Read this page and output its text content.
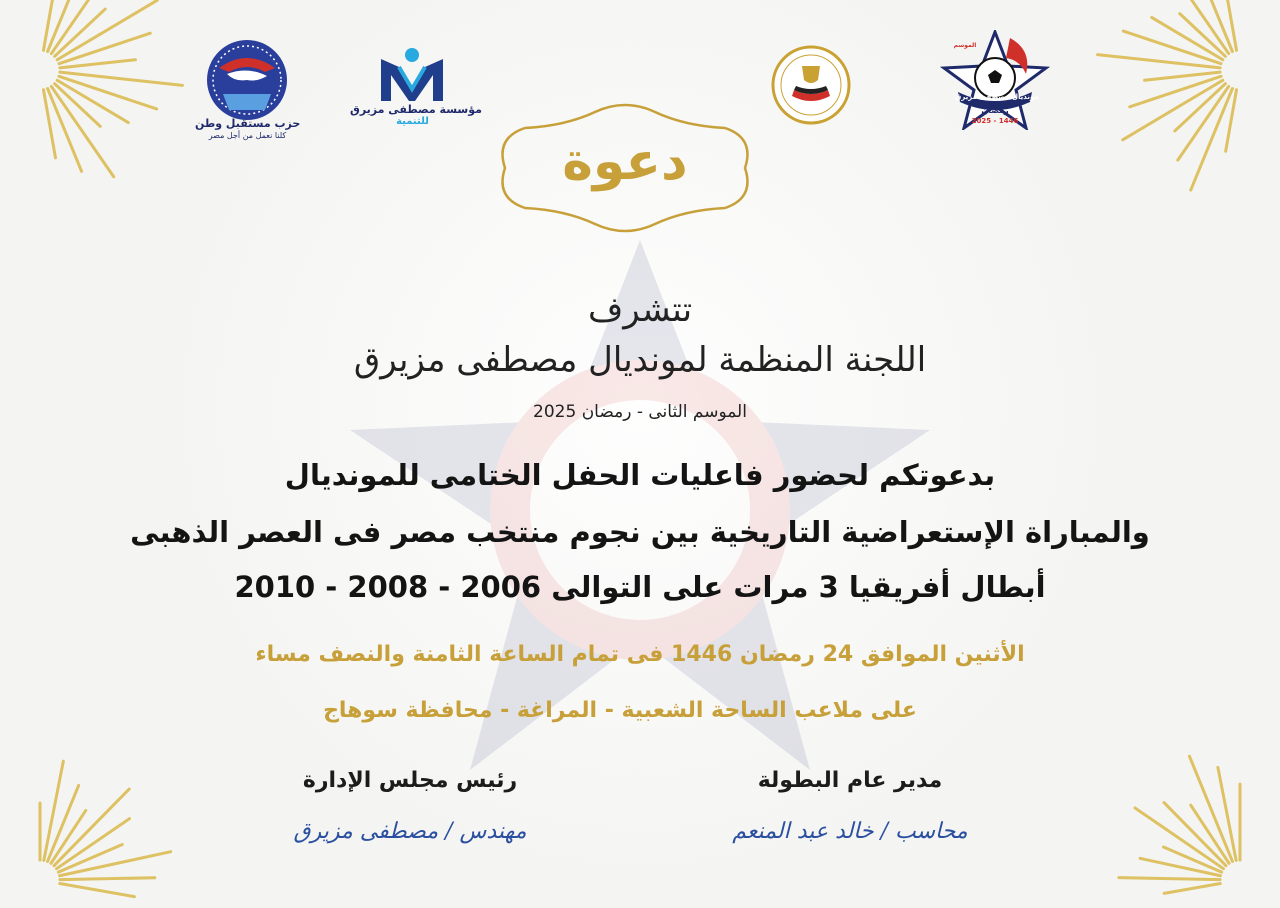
حزب مستقبل وطن
كلنا نعمل من أجل مصر
مؤسسة مصطفى مزيرق
للتنمية
الموسم
مونديال مصطفى مزيرق
رمضان
2025 - 1446
دعوة
تتشرف
اللجنة المنظمة لمونديال مصطفى مزيرق
الموسم الثانى - رمضان 2025
بدعوتكم لحضور فاعليات الحفل الختامى للمونديال
والمباراة الإستعراضية التاريخية بين نجوم منتخب مصر فى العصر الذهبى
أبطال أفريقيا 3 مرات على التوالى 2006 - 2008 - 2010
الأثنين الموافق 24 رمضان 1446 فى تمام الساعة الثامنة والنصف مساء
على ملاعب الساحة الشعبية - المراغة - محافظة سوهاج
رئيس مجلس الإدارة
مهندس / مصطفى مزيرق
مدير عام البطولة
محاسب / خالد عبد المنعم
